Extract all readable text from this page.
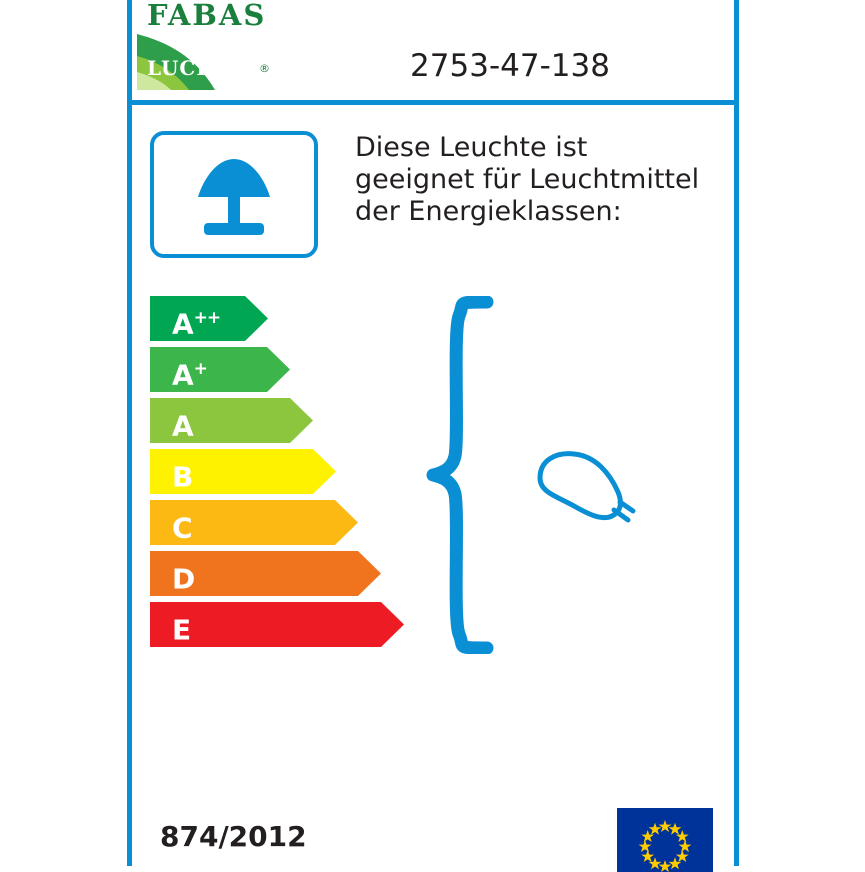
FABAS
LUCE	®	2753-47-138
Diese Leuchte ist geeignet für Leuchtmittel der Energieklassen:
A++
A+
A
B
C
D
E
874/2012
